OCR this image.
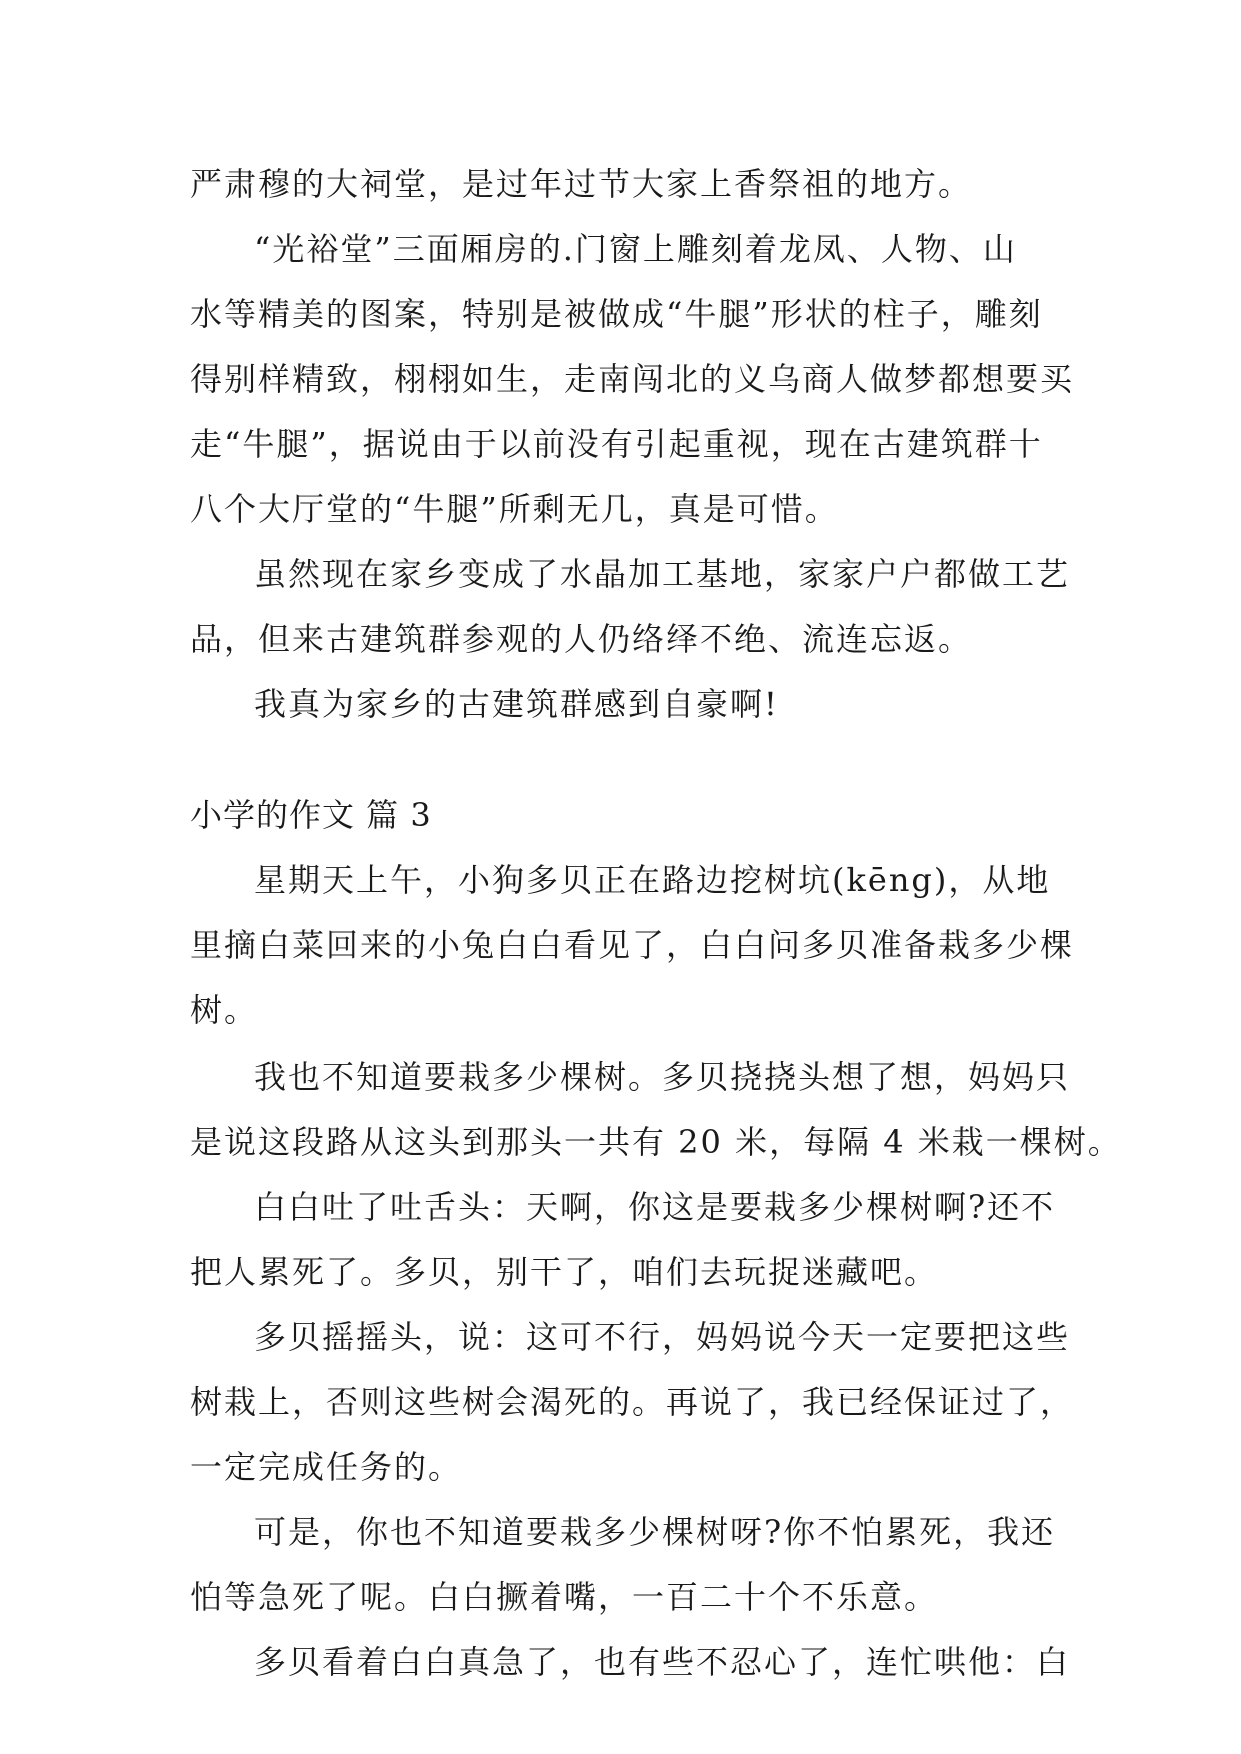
严肃穆的大祠堂，是过年过节大家上香祭祖的地方。
“光裕堂”三面厢房的.门窗上雕刻着龙凤、人物、山
水等精美的图案，特别是被做成“牛腿”形状的柱子，雕刻
得别样精致，栩栩如生，走南闯北的义乌商人做梦都想要买
走“牛腿”，据说由于以前没有引起重视，现在古建筑群十
八个大厅堂的“牛腿”所剩无几，真是可惜。
虽然现在家乡变成了水晶加工基地，家家户户都做工艺
品，但来古建筑群参观的人仍络绎不绝、流连忘返。
我真为家乡的古建筑群感到自豪啊!
小学的作文 篇 3
星期天上午，小狗多贝正在路边挖树坑(kēng)，从地
里摘白菜回来的小兔白白看见了，白白问多贝准备栽多少棵
树。
我也不知道要栽多少棵树。多贝挠挠头想了想，妈妈只
是说这段路从这头到那头一共有 20 米，每隔 4 米栽一棵树。
白白吐了吐舌头：天啊，你这是要栽多少棵树啊?还不
把人累死了。多贝，别干了，咱们去玩捉迷藏吧。
多贝摇摇头，说：这可不行，妈妈说今天一定要把这些
树栽上，否则这些树会渴死的。再说了，我已经保证过了，
一定完成任务的。
可是，你也不知道要栽多少棵树呀?你不怕累死，我还
怕等急死了呢。白白撅着嘴，一百二十个不乐意。
多贝看着白白真急了，也有些不忍心了，连忙哄他：白
